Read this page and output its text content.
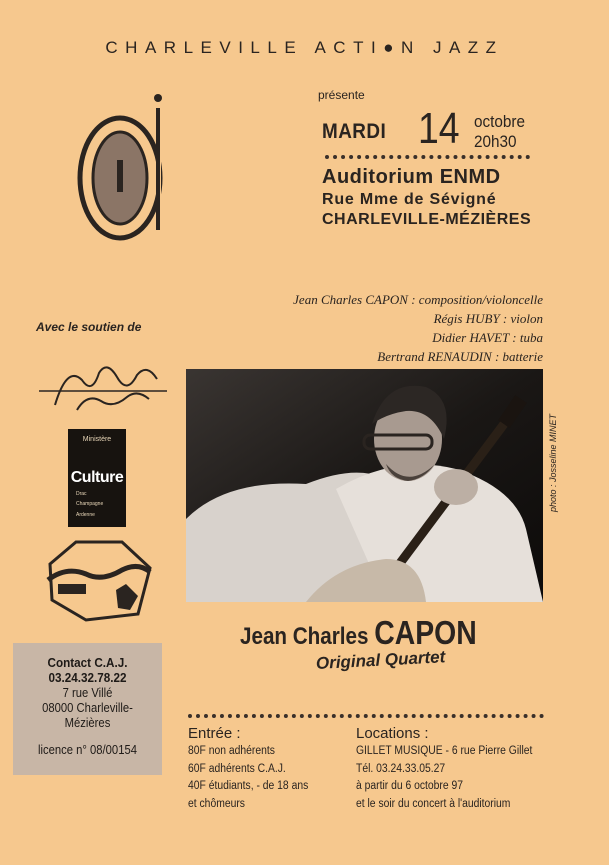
CHARLEVILLE ACTI●N JAZZ
présente
MARDI 14 octobre
20h30
Auditorium ENMD
Rue Mme de Sévigné
CHARLEVILLE-MÉZIÈRES
Jean Charles CAPON : composition/violoncelle
Régis HUBY : violon
Didier HAVET : tuba
Bertrand RENAUDIN : batterie
photo : Josseline MINET
Jean Charles CAPON
Original Quartet
Avec le soutien de
Ministère
Culture
Drac
Champagne
Ardenne
Contact C.A.J.
03.24.32.78.22
7 rue Villé
08000 Charleville-
Mézières
licence n° 08/00154
Entrée :
80F non adhérents
60F adhérents C.A.J.
40F étudiants, - de 18 ans
et chômeurs
Locations :
GILLET MUSIQUE - 6 rue Pierre Gillet
Tél. 03.24.33.05.27
à partir du 6 octobre 97
et le soir du concert à l'auditorium
